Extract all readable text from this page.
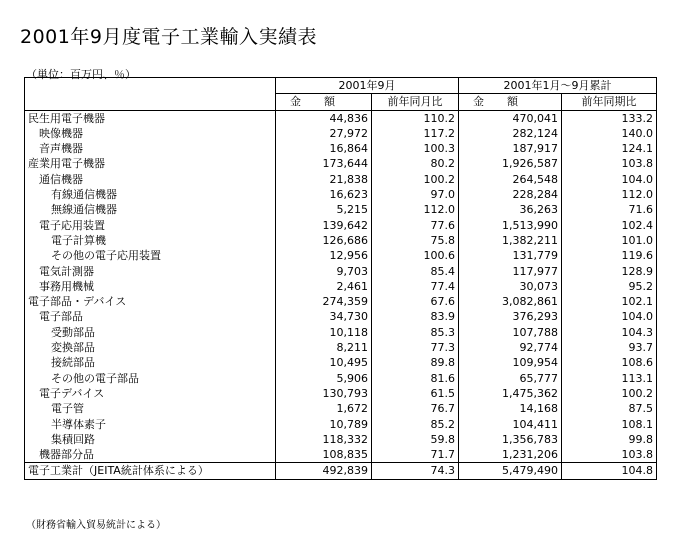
2001年9月度電子工業輸入実績表
（単位：百万円、％）
	2001年9月		2001年1月～9月累計	
	金　額	前年同月比	金　額	前年同期比
民生用電子機器	44,836	110.2	470,041	133.2
映像機器	27,972	117.2	282,124	140.0
音声機器	16,864	100.3	187,917	124.1
産業用電子機器	173,644	80.2	1,926,587	103.8
通信機器	21,838	100.2	264,548	104.0
有線通信機器	16,623	97.0	228,284	112.0
無線通信機器	5,215	112.0	36,263	71.6
電子応用装置	139,642	77.6	1,513,990	102.4
電子計算機	126,686	75.8	1,382,211	101.0
その他の電子応用装置	12,956	100.6	131,779	119.6
電気計測器	9,703	85.4	117,977	128.9
事務用機械	2,461	77.4	30,073	95.2
電子部品・デバイス	274,359	67.6	3,082,861	102.1
電子部品	34,730	83.9	376,293	104.0
受動部品	10,118	85.3	107,788	104.3
変換部品	8,211	77.3	92,774	93.7
接続部品	10,495	89.8	109,954	108.6
その他の電子部品	5,906	81.6	65,777	113.1
電子デバイス	130,793	61.5	1,475,362	100.2
電子管	1,672	76.7	14,168	87.5
半導体素子	10,789	85.2	104,411	108.1
集積回路	118,332	59.8	1,356,783	99.8
機器部分品	108,835	71.7	1,231,206	103.8
電子工業計（JEITA統計体系による）	492,839	74.3	5,479,490	104.8
（財務省輸入貿易統計による）
